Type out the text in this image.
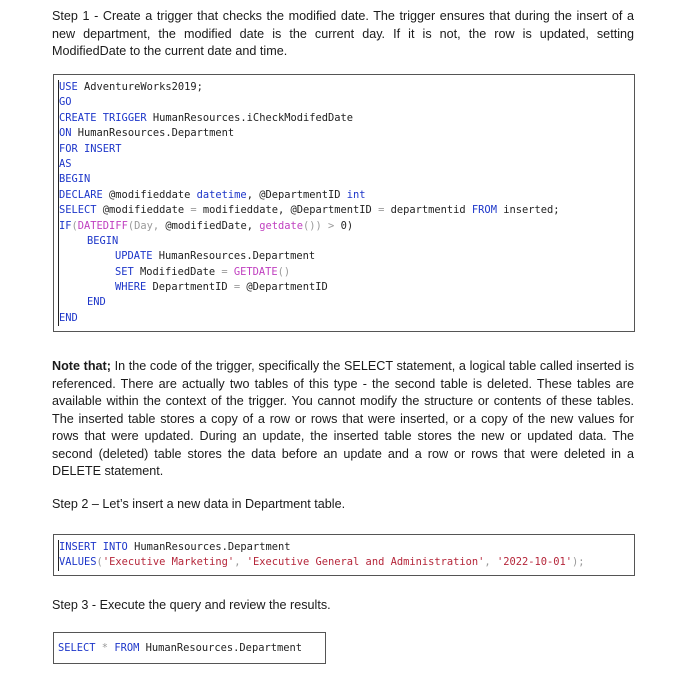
Step 1 - Create a trigger that checks the modified date. The trigger ensures that during the insert of a new department, the modified date is the current day. If it is not, the row is updated, setting ModifiedDate to the current date and time.

USE AdventureWorks2019;
GO
CREATE TRIGGER HumanResources.iCheckModifedDate
ON HumanResources.Department
FOR INSERT
AS
BEGIN
DECLARE @modifieddate datetime, @DepartmentID int
SELECT @modifieddate = modifieddate, @DepartmentID = departmentid FROM inserted;
IF(DATEDIFF(Day, @modifiedDate, getdate()) > 0)
BEGIN
UPDATE HumanResources.Department
SET ModifiedDate = GETDATE()
WHERE DepartmentID = @DepartmentID
END
END

Note that; In the code of the trigger, specifically the SELECT statement, a logical table called inserted is referenced. There are actually two tables of this type - the second table is deleted. These tables are available within the context of the trigger. You cannot modify the structure or contents of these tables. The inserted table stores a copy of a row or rows that were inserted, or a copy of the new values for rows that were updated. During an update, the inserted table stores the new or updated data. The second (deleted) table stores the data before an update and a row or rows that were deleted in a DELETE statement.

Step 2 – Let’s insert a new data in Department table.

INSERT INTO HumanResources.Department
VALUES('Executive Marketing', 'Executive General and Administration', '2022-10-01');

Step 3 - Execute the query and review the results.

SELECT * FROM HumanResources.Department
